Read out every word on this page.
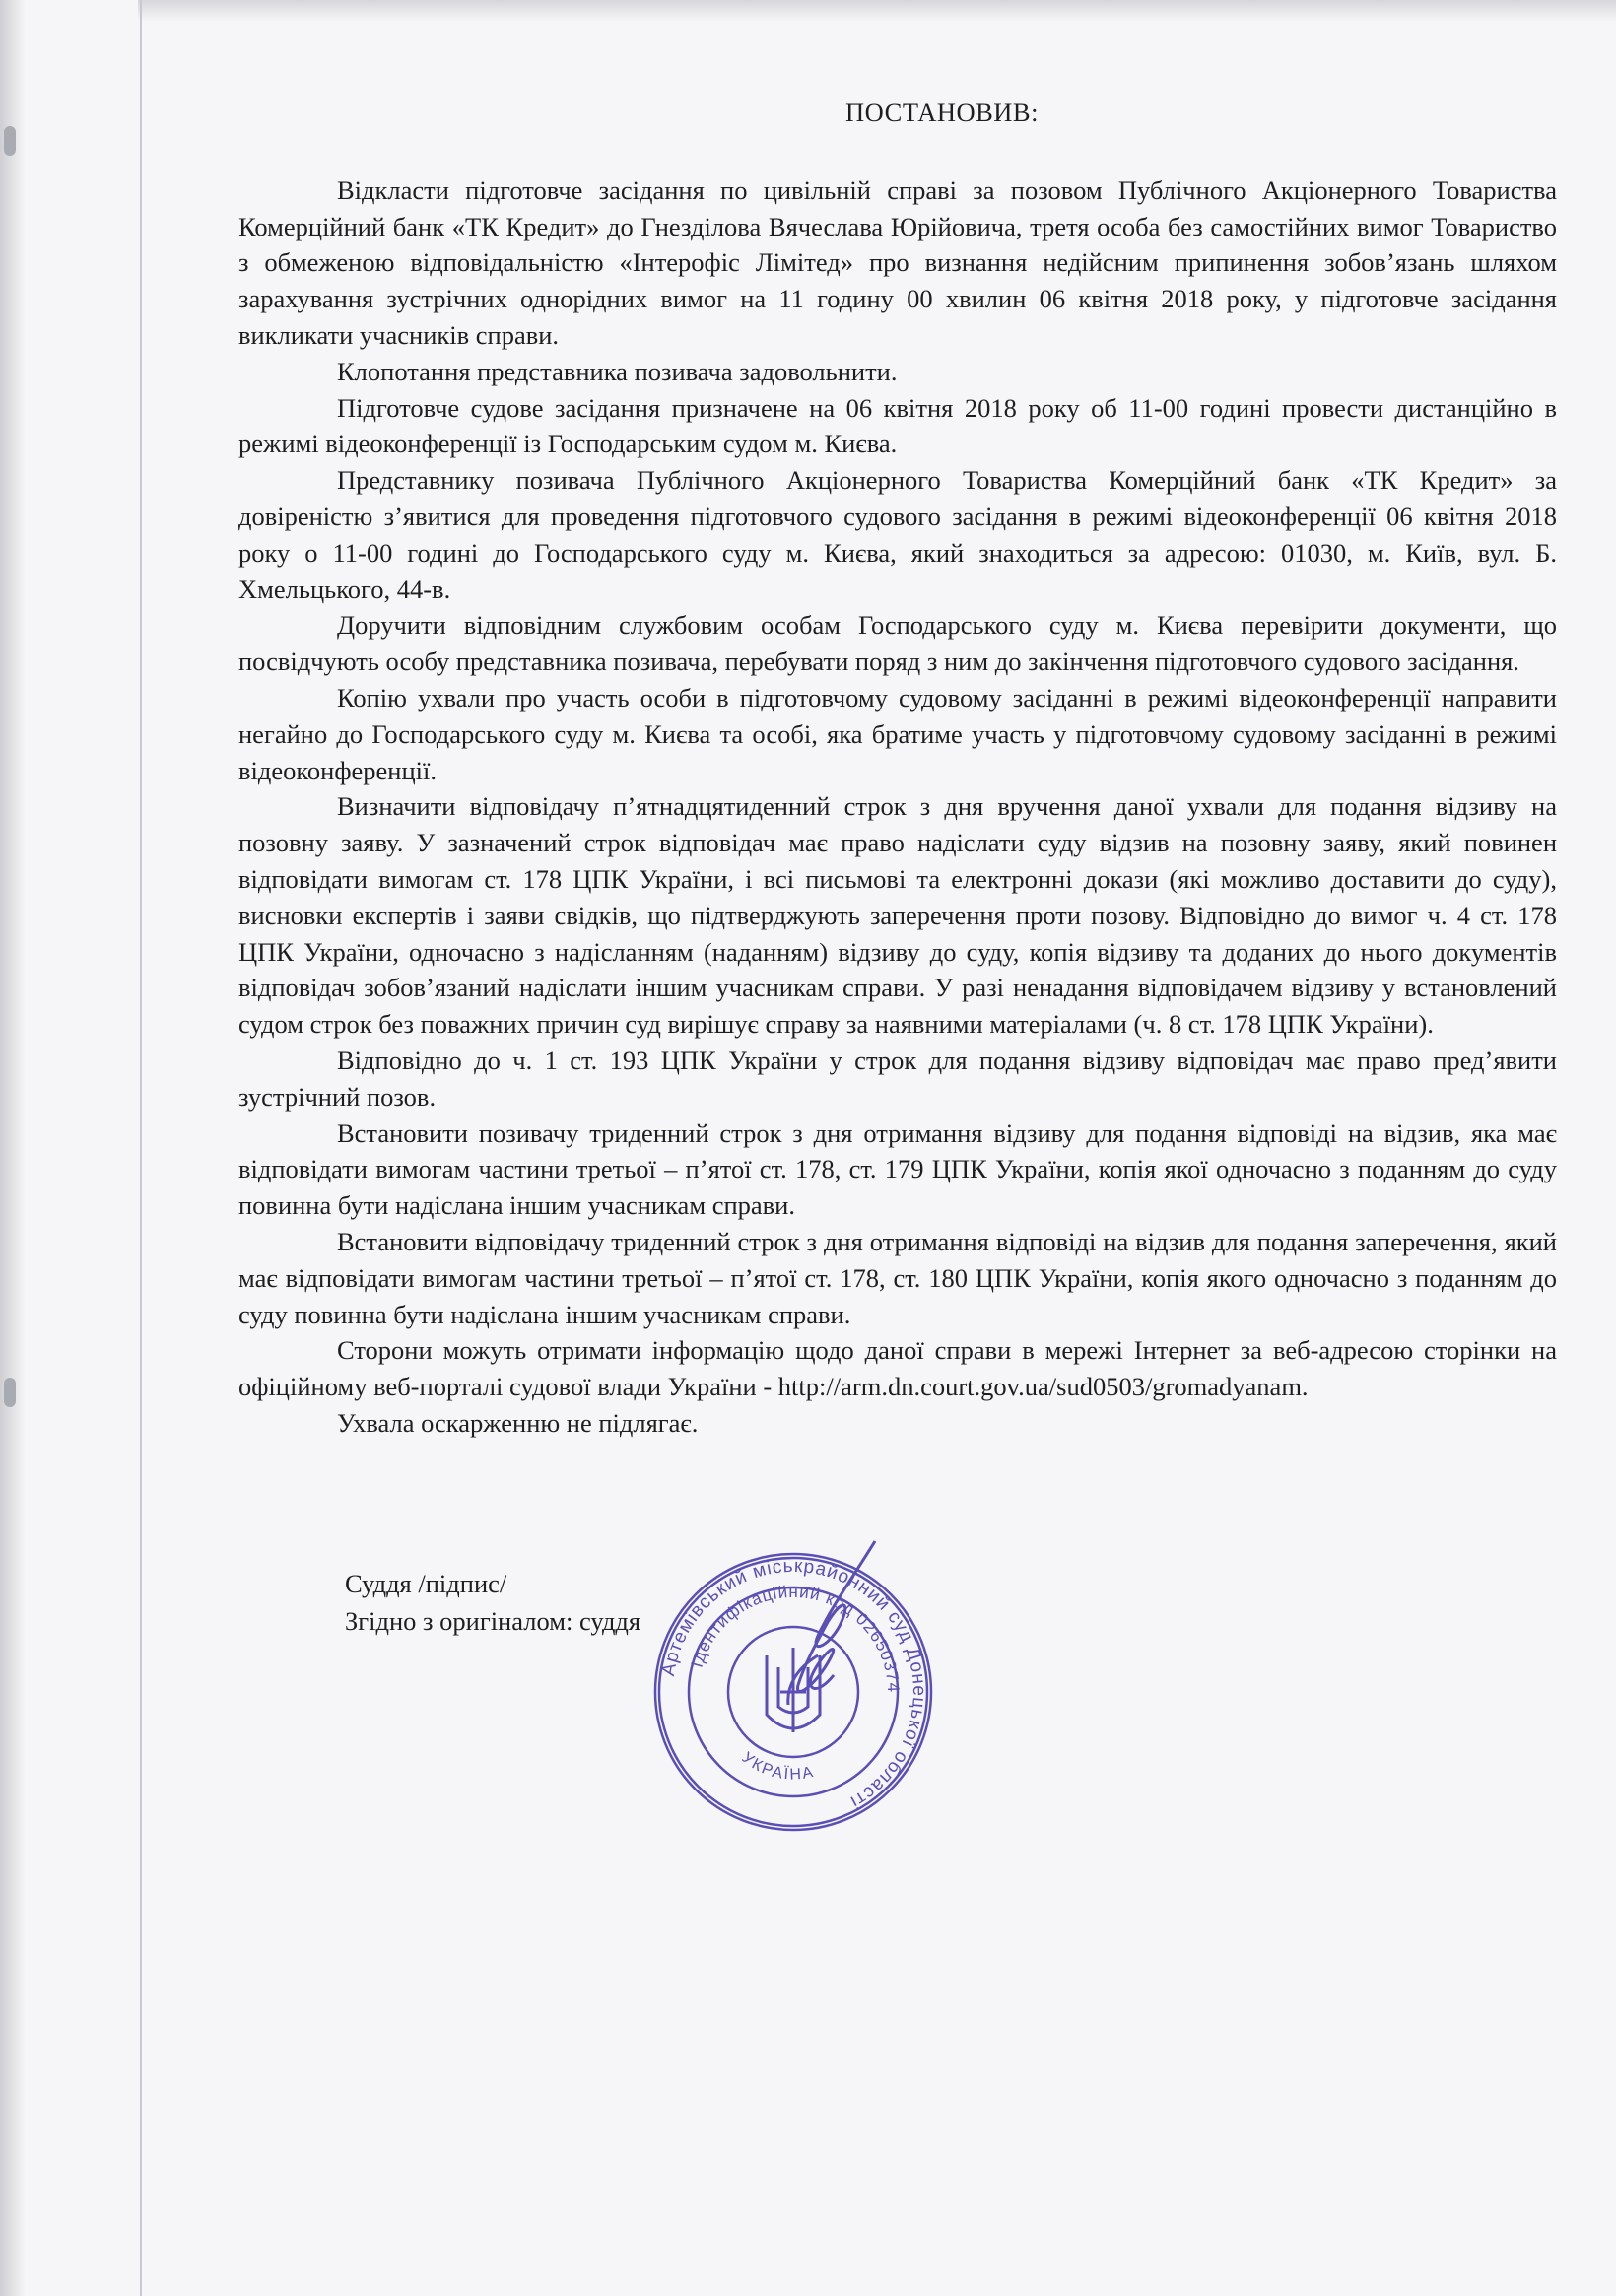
ПОСТАНОВИВ:

Відкласти підготовче засідання по цивільній справі за позовом Публічного Акціонерного Товариства Комерційний банк «ТК Кредит» до Гнезділова Вячеслава Юрійовича, третя особа без самостійних вимог Товариство з обмеженою відповідальністю «Інтерофіс Лімітед» про визнання недійсним припинення зобов’язань шляхом зарахування зустрічних однорідних вимог на 11 годину 00 хвилин 06 квітня 2018 року, у підготовче засідання викликати учасників справи.

Клопотання представника позивача задовольнити.

Підготовче судове засідання призначене на 06 квітня 2018 року об 11-00 годині провести дистанційно в режимі відеоконференції із Господарським судом м. Києва.

Представнику позивача Публічного Акціонерного Товариства Комерційний банк «ТК Кредит» за довіреністю з’явитися для проведення підготовчого судового засідання в режимі відеоконференції 06 квітня 2018 року о 11-00 годині до Господарського суду м. Києва, який знаходиться за адресою: 01030, м. Київ, вул. Б. Хмельцького, 44-в.

Доручити відповідним службовим особам Господарського суду м. Києва перевірити документи, що посвідчують особу представника позивача, перебувати поряд з ним до закінчення підготовчого судового засідання.

Копію ухвали про участь особи в підготовчому судовому засіданні в режимі відеоконференції направити негайно до Господарського суду м. Києва та особі, яка братиме участь у підготовчому судовому засіданні в режимі відеоконференції.

Визначити відповідачу п’ятнадцятиденний строк з дня вручення даної ухвали для подання відзиву на позовну заяву. У зазначений строк відповідач має право надіслати суду відзив на позовну заяву, який повинен відповідати вимогам ст. 178 ЦПК України, і всі письмові та електронні докази (які можливо доставити до суду), висновки експертів і заяви свідків, що підтверджують заперечення проти позову. Відповідно до вимог ч. 4 ст. 178 ЦПК України, одночасно з надісланням (наданням) відзиву до суду, копія відзиву та доданих до нього документів відповідач зобов’язаний надіслати іншим учасникам справи. У разі ненадання відповідачем відзиву у встановлений судом строк без поважних причин суд вирішує справу за наявними матеріалами (ч. 8 ст. 178 ЦПК України).

Відповідно до ч. 1 ст. 193 ЦПК України у строк для подання відзиву відповідач має право пред’явити зустрічний позов.

Встановити позивачу триденний строк з дня отримання відзиву для подання відповіді на відзив, яка має відповідати вимогам частини третьої – п’ятої ст. 178, ст. 179 ЦПК України, копія якої одночасно з поданням до суду повинна бути надіслана іншим учасникам справи.

Встановити відповідачу триденний строк з дня отримання відповіді на відзив для подання заперечення, який має відповідати вимогам частини третьої – п’ятої ст. 178, ст. 180 ЦПК України, копія якого одночасно з поданням до суду повинна бути надіслана іншим учасникам справи.

Сторони можуть отримати інформацію щодо даної справи в мережі Інтернет за веб-адресою сторінки на офіційному веб-порталі судової влади України - http://arm.dn.court.gov.ua/sud0503/gromadyanam.

Ухвала оскарженню не підлягає.

Суддя /підпис/
Згідно з оригіналом: суддя
Артемівський міськрайонний суд Донецької області
Ідентифікаційний код 02650374
УКРАЇНА
